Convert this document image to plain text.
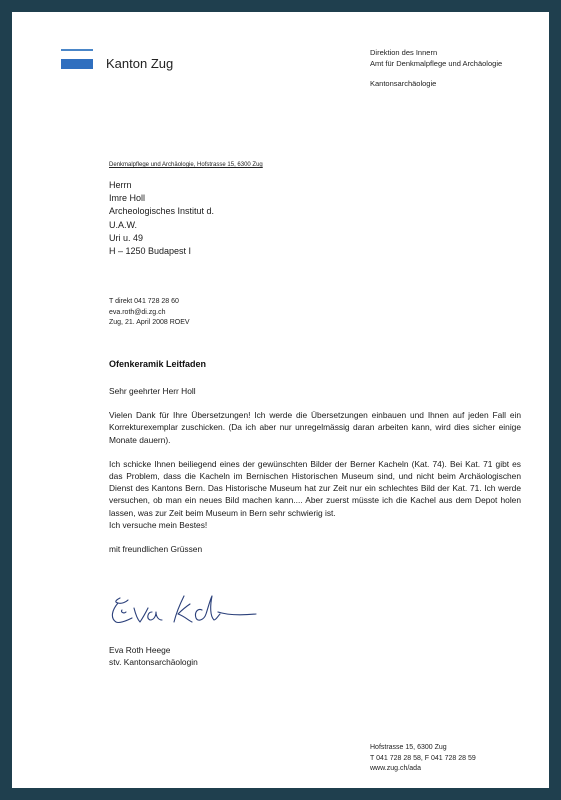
Kanton Zug
Direktion des Innern
Amt für Denkmalpflege und Archäologie
Kantonsarchäologie
Denkmalpflege und Archäologie, Hofstrasse 15, 6300 Zug
Herrn
Imre Holl
Archeologisches Institut d.
U.A.W.
Uri u. 49
H – 1250 Budapest I
T direkt 041 728 28 60
eva.roth@di.zg.ch
Zug, 21. April 2008 ROEV
Ofenkeramik Leitfaden

Sehr geehrter Herr Holl

Vielen Dank für Ihre Übersetzungen! Ich werde die Übersetzungen einbauen und Ihnen auf jeden Fall ein Korrekturexemplar zuschicken. (Da ich aber nur unregelmässig daran arbeiten kann, wird dies sicher einige Monate dauern).

Ich schicke Ihnen beiliegend eines der gewünschten Bilder der Berner Kacheln (Kat. 74). Bei Kat. 71 gibt es das Problem, dass die Kacheln im Bernischen Historischen Museum sind, und nicht beim Archäologischen Dienst des Kantons Bern. Das Historische Museum hat zur Zeit nur ein schlechtes Bild der Kat. 71. Ich werde versuchen, ob man ein neues Bild machen kann.... Aber zuerst müsste ich die Kachel aus dem Depot holen lassen, was zur Zeit beim Museum in Bern sehr schwierig ist.

Ich versuche mein Bestes!

mit freundlichen Grüssen

Eva Roth Heege
stv. Kantonsarchäologin
Hofstrasse 15, 6300 Zug
T 041 728 28 58, F 041 728 28 59
www.zug.ch/ada
